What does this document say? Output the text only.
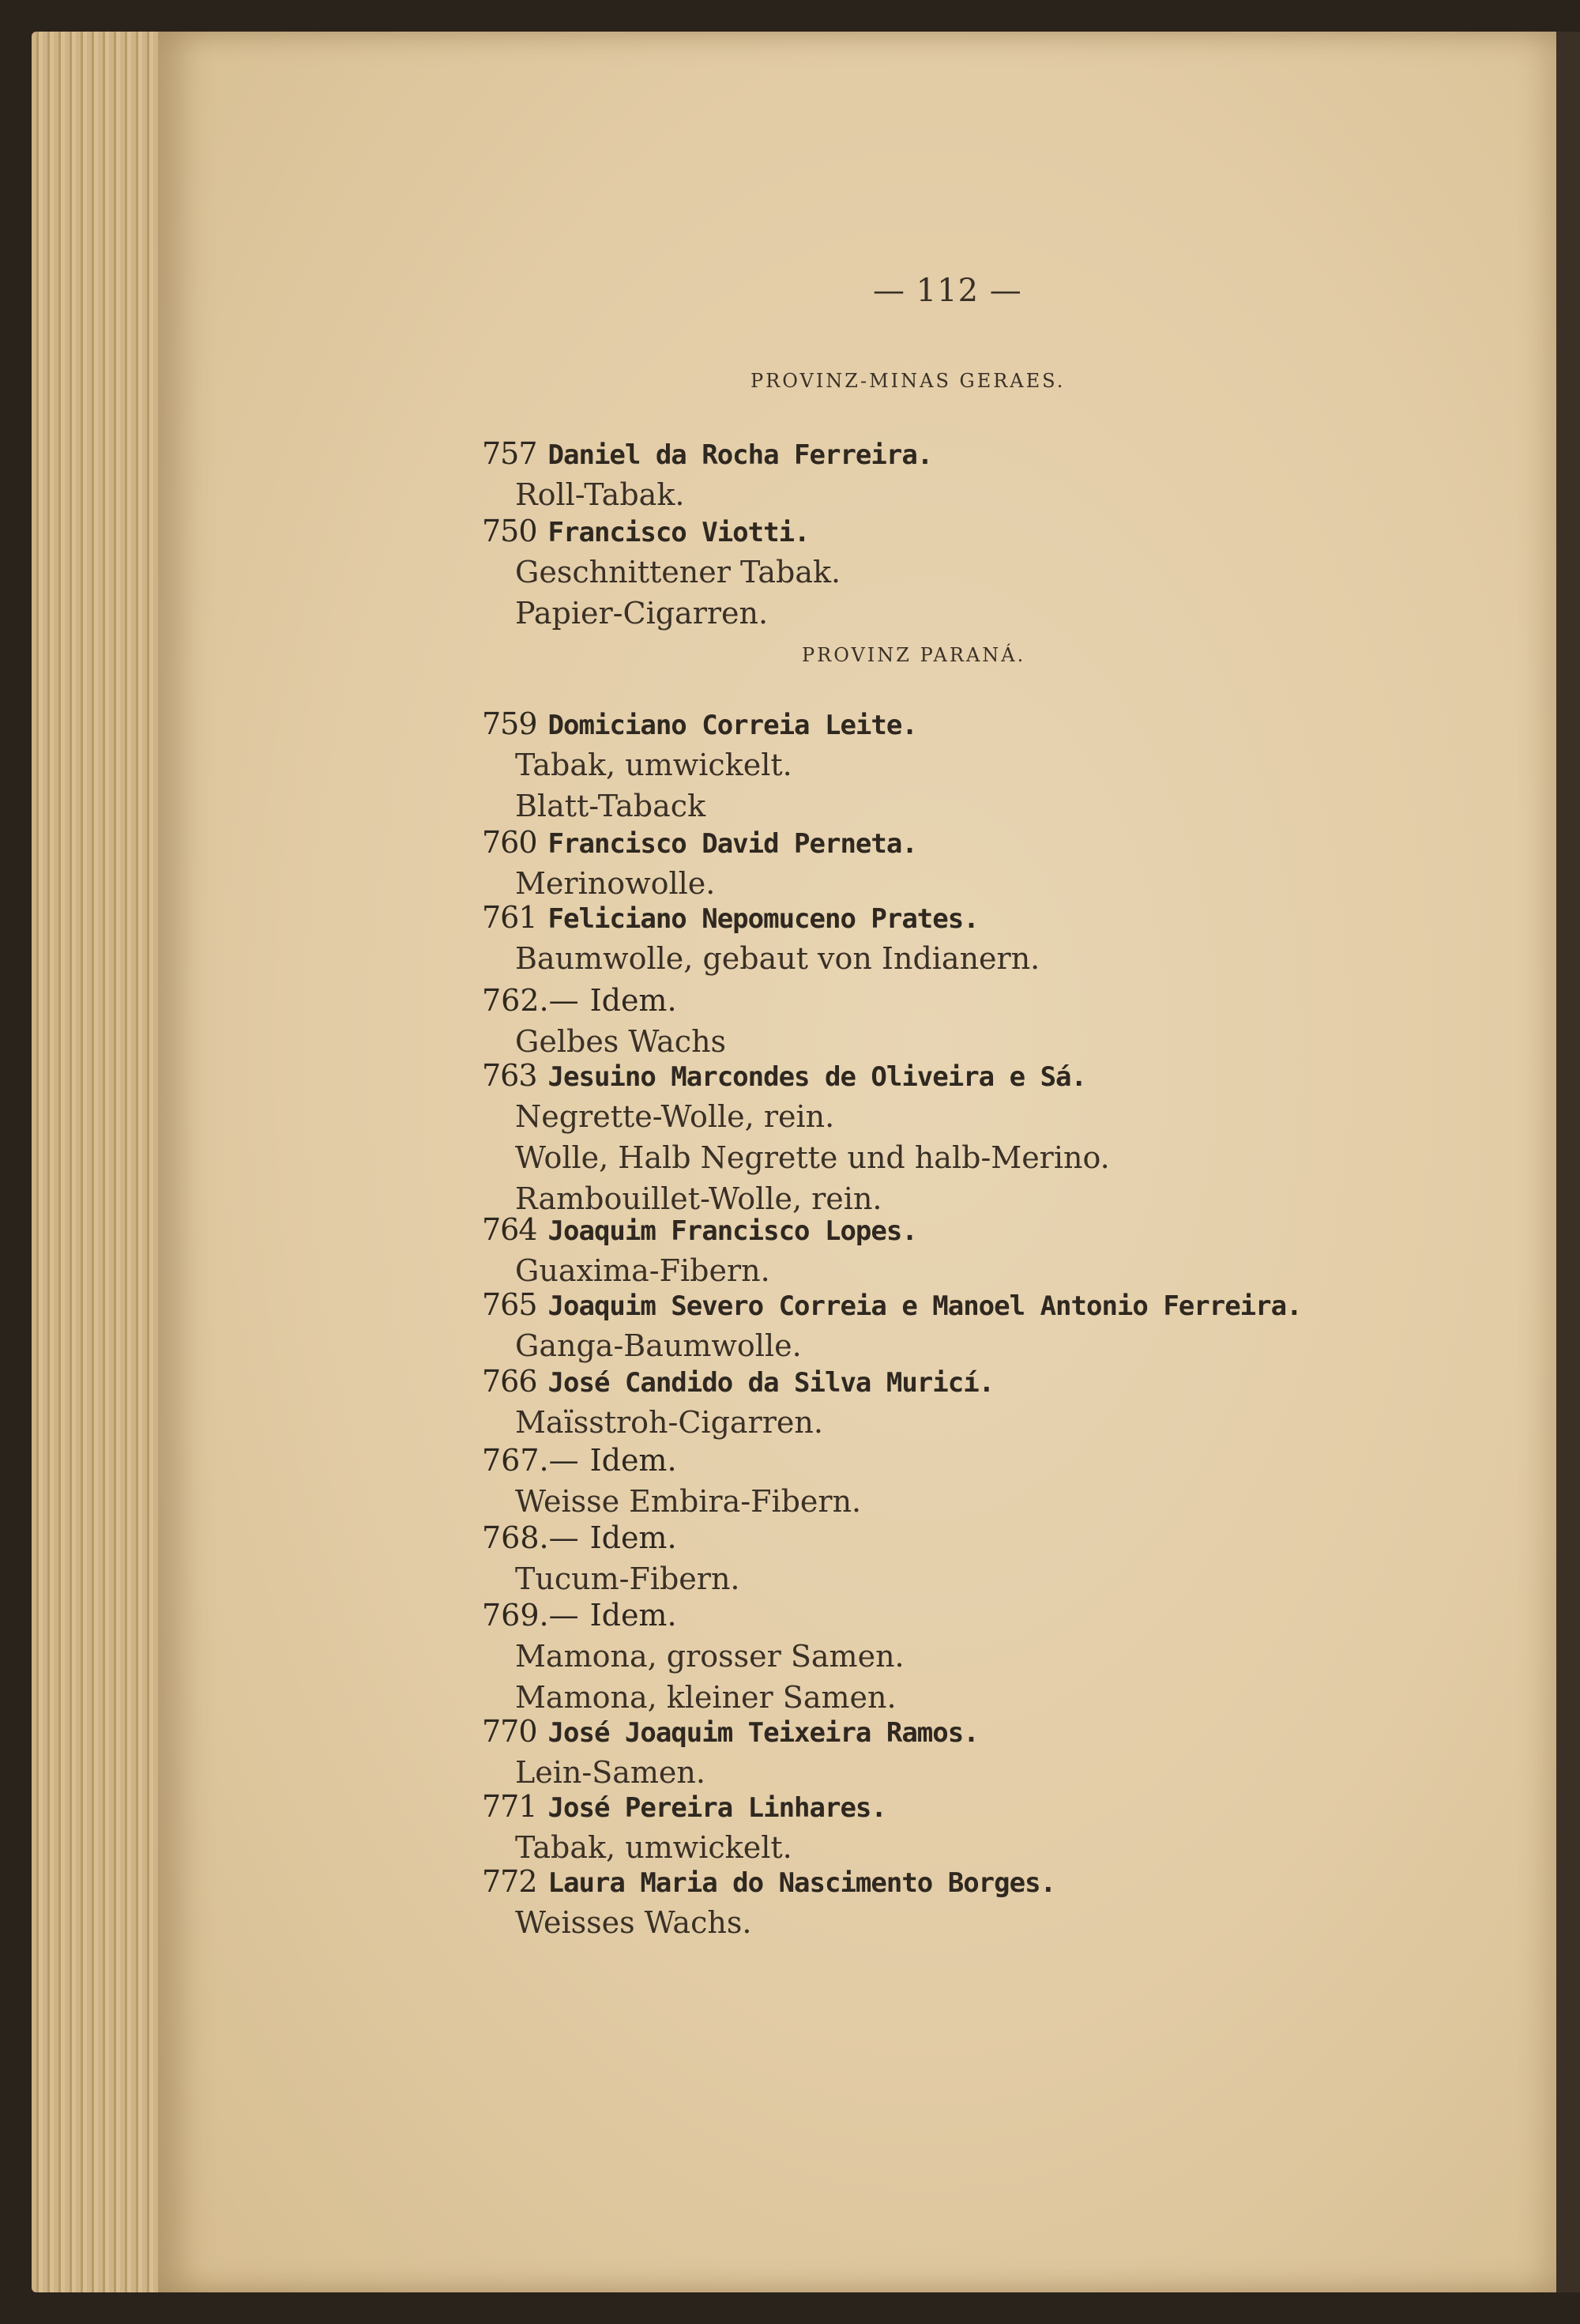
— 112 —
PROVINZ-MINAS GERAES.
757 Daniel da Rocha Ferreira.
Roll-Tabak.
750 Francisco Viotti.
Geschnittener Tabak.
Papier-Cigarren.
PROVINZ PARANÁ.
759 Domiciano Correia Leite.
Tabak, umwickelt.
Blatt-Taback
760 Francisco David Perneta.
Merinowolle.
761 Feliciano Nepomuceno Prates.
Baumwolle, gebaut von Indianern.
762.— Idem.
Gelbes Wachs
763 Jesuino Marcondes de Oliveira e Sá.
Negrette-Wolle, rein.
Wolle, Halb Negrette und halb-Merino.
Rambouillet-Wolle, rein.
764 Joaquim Francisco Lopes.
Guaxima-Fibern.
765 Joaquim Severo Correia e Manoel Antonio Ferreira.
Ganga-Baumwolle.
766 José Candido da Silva Muricí.
Maïsstroh-Cigarren.
767.— Idem.
Weisse Embira-Fibern.
768.— Idem.
Tucum-Fibern.
769.— Idem.
Mamona, grosser Samen.
Mamona, kleiner Samen.
770 José Joaquim Teixeira Ramos.
Lein-Samen.
771 José Pereira Linhares.
Tabak, umwickelt.
772 Laura Maria do Nascimento Borges.
Weisses Wachs.
